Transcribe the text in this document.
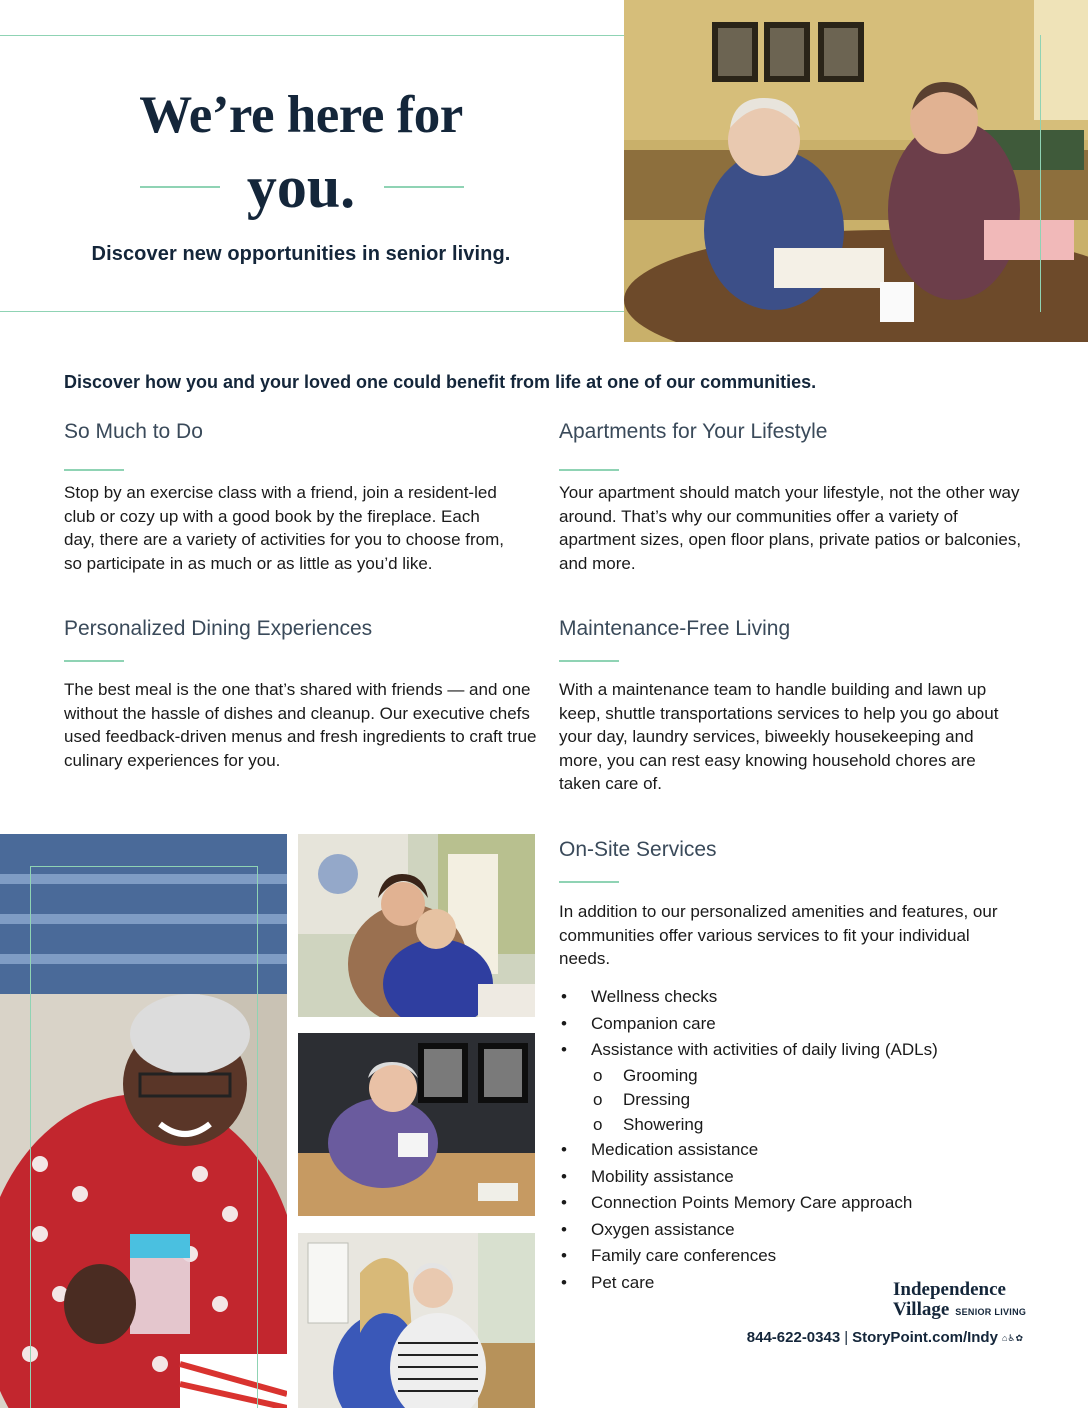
We’re here for
you.
Discover new opportunities in senior living.
Discover how you and your loved one could benefit from life at one of our communities.
So Much to Do

Stop by an exercise class with a friend, join a resident-led club or cozy up with a good book by the fireplace. Each day, there are a variety of activities for you to choose from, so participate in as much or as little as you’d like.

Apartments for Your Lifestyle

Your apartment should match your lifestyle, not the other way around. That’s why our communities offer a variety of apartment sizes, open floor plans, private patios or balconies, and more.

Personalized Dining Experiences

The best meal is the one that’s shared with friends — and one without the hassle of dishes and cleanup. Our executive chefs used feedback-driven menus and fresh ingredients to craft true culinary experiences for you.

Maintenance-Free Living

With a maintenance team to handle building and lawn up keep, shuttle transportations services to help you go about your day, laundry services, biweekly housekeeping and more, you can rest easy knowing household chores are taken care of.

On-Site Services

In addition to our personalized amenities and features, our communities offer various services to fit your individual needs.

• Wellness checks
• Companion care
• Assistance with activities of daily living (ADLs)
o Grooming
o Dressing
o Showering
• Medication assistance
• Mobility assistance
• Connection Points Memory Care approach
• Oxygen assistance
• Family care conferences
• Pet care	Independence
Village SENIOR LIVING
844-622-0343 | StoryPoint.com/Indy ⌂♿✿
